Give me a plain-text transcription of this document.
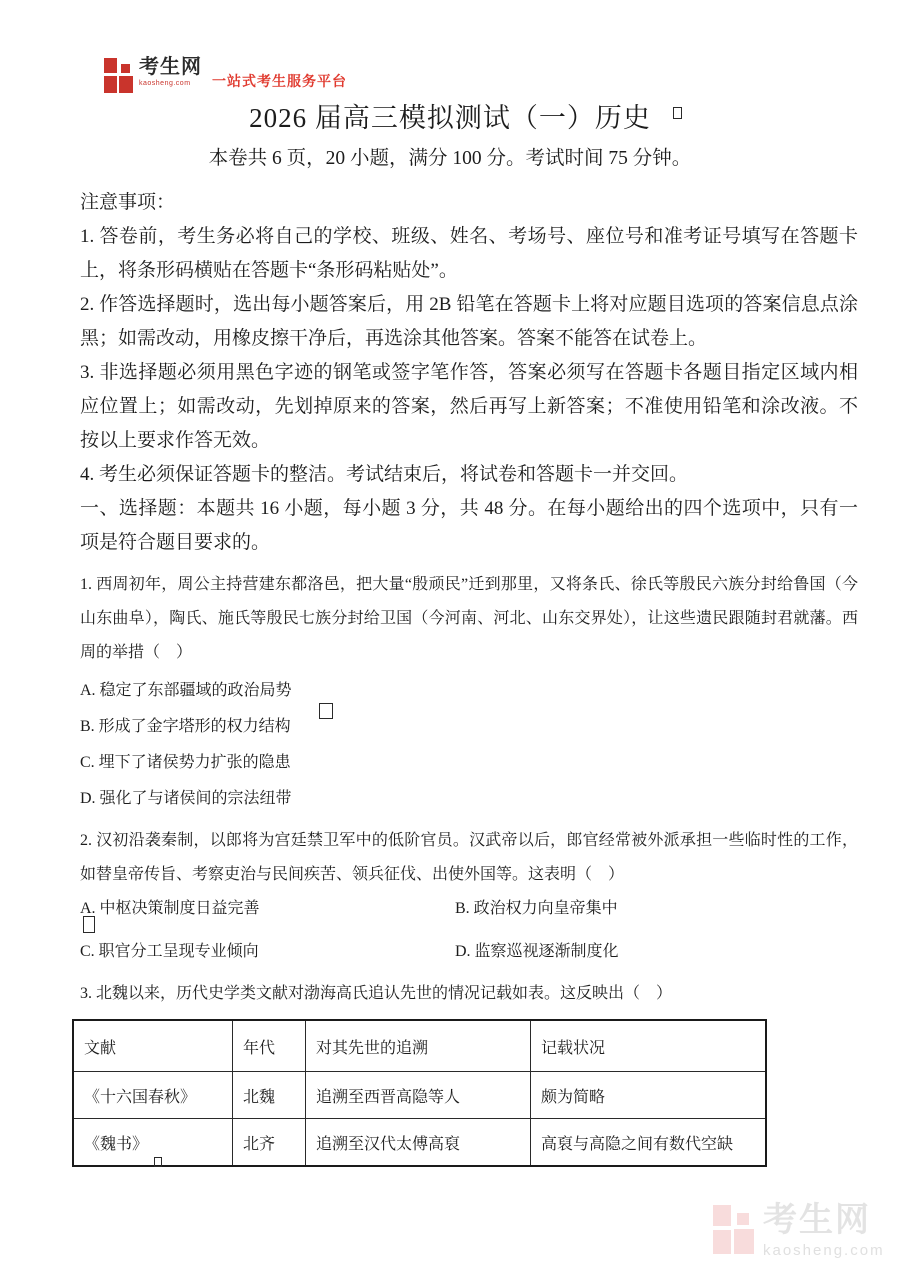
考生网
kaosheng.com	一站式考生服务平台
2026 届高三模拟测试（一）历史
本卷共 6 页，20 小题，满分 100 分。考试时间 75 分钟。
注意事项：

1. 答卷前，考生务必将自己的学校、班级、姓名、考场号、座位号和准考证号填写在答题卡上，将条形码横贴在答题卡“条形码粘贴处”。

2. 作答选择题时，选出每小题答案后，用 2B 铅笔在答题卡上将对应题目选项的答案信息点涂黑；如需改动，用橡皮擦干净后，再选涂其他答案。答案不能答在试卷上。

3. 非选择题必须用黑色字迹的钢笔或签字笔作答，答案必须写在答题卡各题目指定区域内相应位置上；如需改动，先划掉原来的答案，然后再写上新答案；不准使用铅笔和涂改液。不按以上要求作答无效。

4. 考生必须保证答题卡的整洁。考试结束后，将试卷和答题卡一并交回。

一、选择题：本题共 16 小题，每小题 3 分，共 48 分。在每小题给出的四个选项中，只有一项是符合题目要求的。

1. 西周初年，周公主持营建东都洛邑，把大量“殷顽民”迁到那里，又将条氏、徐氏等殷民六族分封给鲁国（今山东曲阜），陶氏、施氏等殷民七族分封给卫国（今河南、河北、山东交界处），让这些遗民跟随封君就藩。西周的举措（　）

A. 稳定了东部疆域的政治局势
B. 形成了金字塔形的权力结构
C. 埋下了诸侯势力扩张的隐患
D. 强化了与诸侯间的宗法纽带

2. 汉初沿袭秦制，以郎将为宫廷禁卫军中的低阶官员。汉武帝以后，郎官经常被外派承担一些临时性的工作，如替皇帝传旨、考察吏治与民间疾苦、领兵征伐、出使外国等。这表明（　）

A. 中枢决策制度日益完善	B. 政治权力向皇帝集中
C. 职官分工呈现专业倾向	D. 监察巡视逐渐制度化

3. 北魏以来，历代史学类文献对渤海高氏追认先世的情况记载如表。这反映出（　）

文献	年代	对其先世的追溯	记载状况
《十六国春秋》	北魏	追溯至西晋高隐等人	颇为简略
《魏书》	北齐	追溯至汉代太傅高裒	高裒与高隐之间有数代空缺
考生网
kaosheng.com
